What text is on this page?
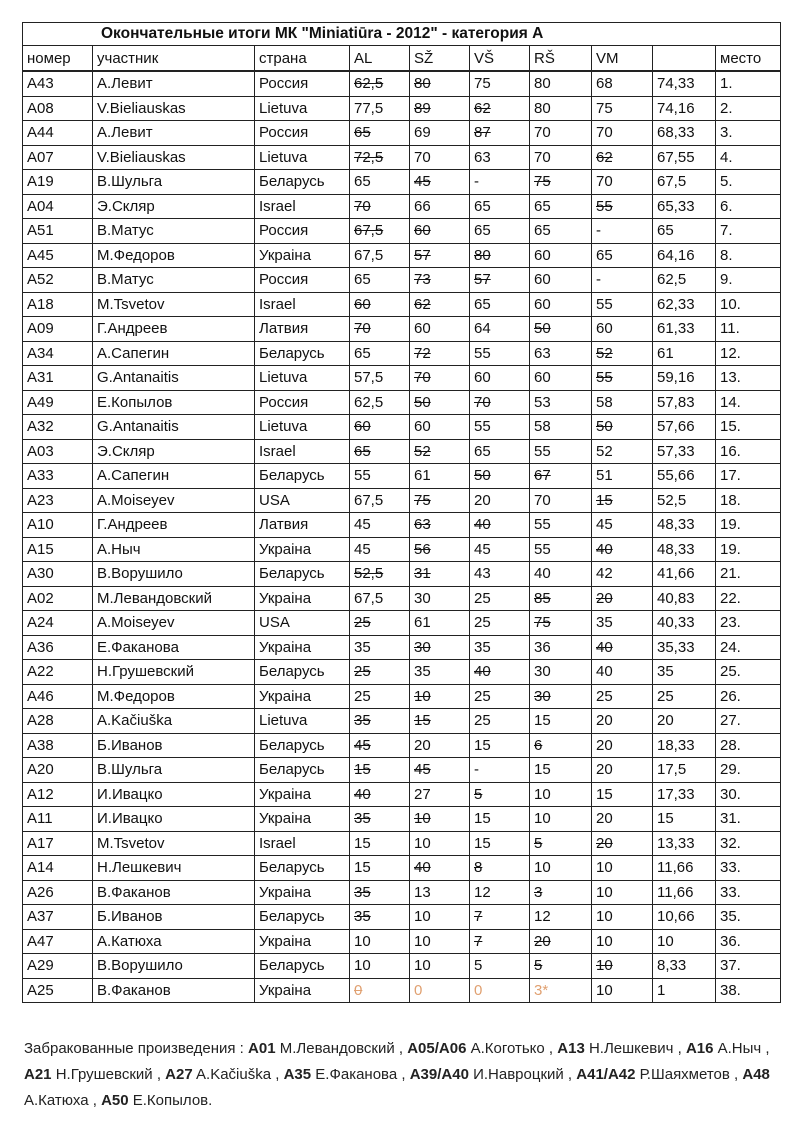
Окончательные итоги МК "Miniatiūra - 2012" - категория А									
номер	участник	страна	AL	SŽ	VŠ	RŠ	VM		место
A43	А.Левит	Россия	62,5	80	75	80	68	74,33	1.
A08	V.Bieliauskas	Lietuva	77,5	89	62	80	75	74,16	2.
A44	А.Левит	Россия	65	69	87	70	70	68,33	3.
A07	V.Bieliauskas	Lietuva	72,5	70	63	70	62	67,55	4.
A19	В.Шульга	Беларусь	65	45	-	75	70	67,5	5.
A04	Э.Скляр	Israel	70	66	65	65	55	65,33	6.
A51	В.Матус	Россия	67,5	60	65	65	-	65	7.
A45	М.Федоров	Украіна	67,5	57	80	60	65	64,16	8.
A52	В.Матус	Россия	65	73	57	60	-	62,5	9.
A18	M.Tsvetov	Israel	60	62	65	60	55	62,33	10.
A09	Г.Андреев	Латвия	70	60	64	50	60	61,33	11.
A34	А.Сапегин	Беларусь	65	72	55	63	52	61	12.
A31	G.Antanaitis	Lietuva	57,5	70	60	60	55	59,16	13.
A49	Е.Копылов	Россия	62,5	50	70	53	58	57,83	14.
A32	G.Antanaitis	Lietuva	60	60	55	58	50	57,66	15.
A03	Э.Скляр	Israel	65	52	65	55	52	57,33	16.
A33	А.Сапегин	Беларусь	55	61	50	67	51	55,66	17.
A23	A.Moiseyev	USA	67,5	75	20	70	15	52,5	18.
A10	Г.Андреев	Латвия	45	63	40	55	45	48,33	19.
A15	А.Ныч	Украіна	45	56	45	55	40	48,33	19.
A30	В.Ворушило	Беларусь	52,5	31	43	40	42	41,66	21.
A02	М.Левандовский	Украіна	67,5	30	25	85	20	40,83	22.
A24	A.Moiseyev	USA	25	61	25	75	35	40,33	23.
A36	Е.Факанова	Украіна	35	30	35	36	40	35,33	24.
A22	Н.Грушевский	Беларусь	25	35	40	30	40	35	25.
A46	М.Федоров	Украіна	25	10	25	30	25	25	26.
A28	A.Kačiuška	Lietuva	35	15	25	15	20	20	27.
A38	Б.Иванов	Беларусь	45	20	15	6	20	18,33	28.
A20	В.Шульга	Беларусь	15	45	-	15	20	17,5	29.
A12	И.Ивацко	Украіна	40	27	5	10	15	17,33	30.
A11	И.Ивацко	Украіна	35	10	15	10	20	15	31.
A17	M.Tsvetov	Israel	15	10	15	5	20	13,33	32.
A14	Н.Лешкевич	Беларусь	15	40	8	10	10	11,66	33.
A26	В.Факанов	Украіна	35	13	12	3	10	11,66	33.
A37	Б.Иванов	Беларусь	35	10	7	12	10	10,66	35.
A47	А.Катюха	Украіна	10	10	7	20	10	10	36.
A29	В.Ворушило	Беларусь	10	10	5	5	10	8,33	37.
A25	В.Факанов	Украіна	0	0	0	3*	10	1	38.
Забракованные произведения : A01 М.Левандовский , A05/A06 А.Коготько , A13 Н.Лешкевич , A16 А.Ныч , A21 Н.Грушевский , A27 A.Kačiuška , A35 Е.Факанова , A39/A40 И.Навроцкий , A41/A42 Р.Шаяхметов , A48 А.Катюха , A50 Е.Копылов.
